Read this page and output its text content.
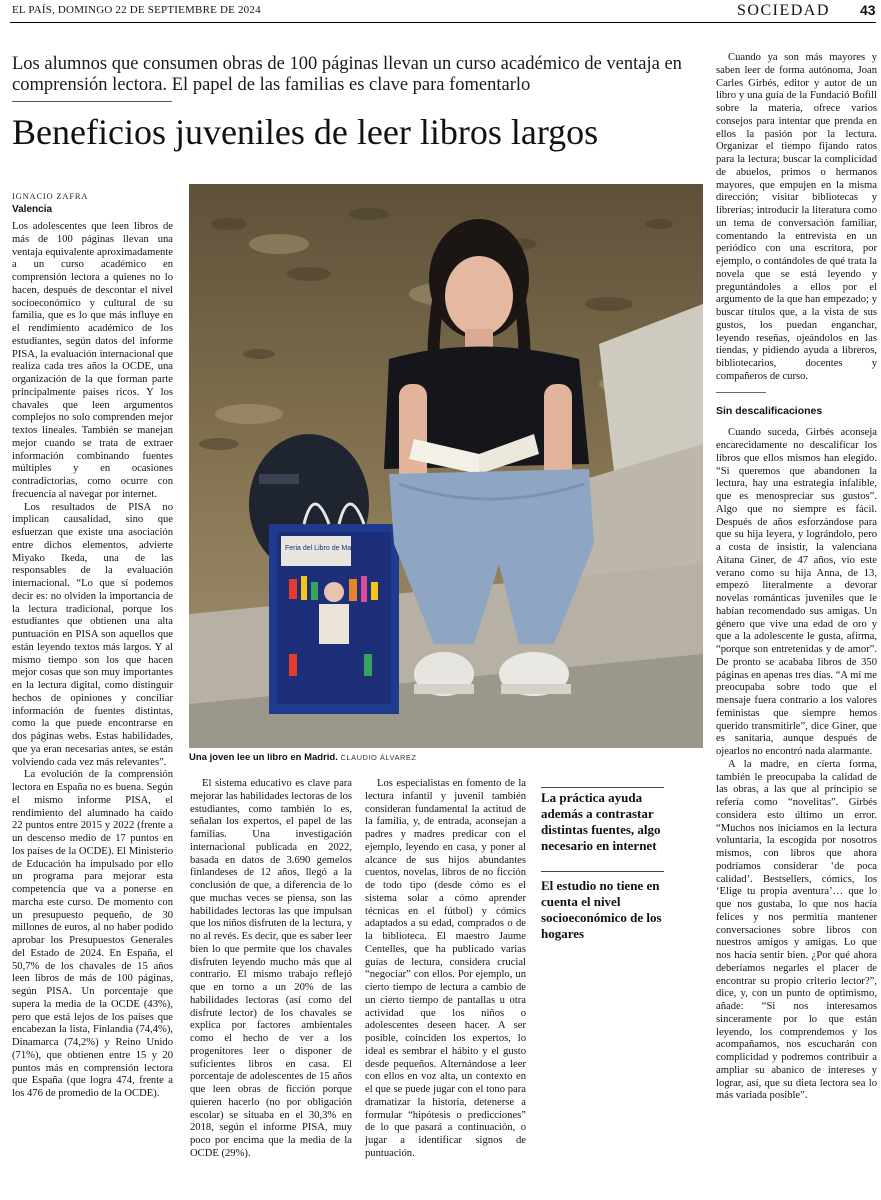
EL PAÍS, DOMINGO 22 DE SEPTIEMBRE DE 2024	SOCIEDAD 43
Los alumnos que consumen obras de 100 páginas llevan un curso académico de ventaja en comprensión lectora. El papel de las familias es clave para fomentarlo
Beneficios juveniles de leer libros largos
IGNACIO ZAFRA
Valencia

Los adolescentes que leen libros de más de 100 páginas llevan una ventaja equivalente aproximadamente a un curso académico en comprensión lectora a quienes no lo hacen, después de descontar el nivel socioeconómico y cultural de su familia, que es lo que más influye en el rendimiento académico de los estudiantes, según datos del informe PISA, la evaluación internacional que realiza cada tres años la OCDE, una organización de la que forman parte principalmente países ricos. Y los chavales que leen argumentos complejos no solo comprenden mejor textos lineales. También se manejan mejor cuando se trata de extraer información combinando fuentes múltiples y en ocasiones contradictorias, como ocurre con frecuencia al navegar por internet.

Los resultados de PISA no implican causalidad, sino que esfuerzan que existe una asociación entre dichos elementos, advierte Miyako Ikeda, una de las responsables de la evaluación internacional. “Lo que sí podemos decir es: no olviden la importancia de la lectura tradicional, porque los estudiantes que obtienen una alta puntuación en PISA son aquellos que están leyendo textos más largos. Y al mismo tiempo son los que hacen mejor cosas que son muy importantes en la lectura digital, como distinguir hechos de opiniones y conciliar información de fuentes distintas, como la que puede encontrarse en dos páginas webs. Estas habilidades, que ya eran necesarias antes, se están volviendo cada vez más relevantes”.

La evolución de la comprensión lectora en España no es buena. Según el mismo informe PISA, el rendimiento del alumnado ha caído 22 puntos entre 2015 y 2022 (frente a un descenso medio de 17 puntos en los países de la OCDE). El Ministerio de Educación ha impulsado por ello un programa para mejorar esta competencia que va a ponerse en marcha este curso. De momento con un presupuesto pequeño, de 30 millones de euros, al no haber podido aprobar los Presupuestos Generales del Estado de 2024. En España, el 50,7% de los chavales de 15 años leen libros de más de 100 páginas, según PISA. Un porcentaje que supera la media de la OCDE (43%), pero que está lejos de los países que encabezan la lista, Finlandia (74,4%), Dinamarca (74,2%) y Reino Unido (71%), que obtienen entre 15 y 20 puntos más en comprensión lectora que España (que logra 474, frente a los 476 de promedio de la OCDE).

Feria del Libro de Madrid
Una joven lee un libro en Madrid. CLAUDIO ÁLVAREZ

El sistema educativo es clave para mejorar las habilidades lectoras de los estudiantes, como también lo es, señalan los expertos, el papel de las familias. Una investigación internacional publicada en 2022, basada en datos de 3.690 gemelos finlandeses de 12 años, llegó a la conclusión de que, a diferencia de lo que muchas veces se piensa, son las habilidades lectoras las que impulsan que los niños disfruten de la lectura, y no al revés. Es decir, que es saber leer bien lo que permite que los chavales disfruten leyendo mucho más que al contrario. El mismo trabajo reflejó que en torno a un 20% de las habilidades lectoras (así como del disfrute lector) de los chavales se explica por factores ambientales como el hecho de ver a los progenitores leer o disponer de suficientes libros en casa. El porcentaje de adolescentes de 15 años que leen obras de ficción porque quieren hacerlo (no por obligación escolar) se situaba en el 30,3% en 2018, según el informe PISA, muy poco por encima que la media de la OCDE (29%).

Los especialistas en fomento de la lectura infantil y juvenil también consideran fundamental la actitud de la familia, y, de entrada, aconsejan a padres y madres predicar con el ejemplo, leyendo en casa, y poner al alcance de sus hijos abundantes cuentos, novelas, libros de no ficción de todo tipo (desde cómo es el sistema solar a cómo aprender técnicas en el fútbol) y cómics adaptados a su edad, comprados o de la biblioteca. El maestro Jaume Centelles, que ha publicado varias guías de lectura, considera crucial “negociar” con ellos. Por ejemplo, un cierto tiempo de lectura a cambio de un cierto tiempo de pantallas u otra actividad que los niños o adolescentes deseen hacer. A ser posible, coinciden los expertos, lo ideal es sembrar el hábito y el gusto desde pequeños. Alternándose a leer con ellos en voz alta, un contexto en el que se puede jugar con el tono para dramatizar la historia, detenerse a formular “hipótesis o predicciones” de lo que pasará a continuación, o jugar a identificar signos de puntuación.

La práctica ayuda además a contrastar distintas fuentes, algo necesario en internet
El estudio no tiene en cuenta el nivel socioeconómico de los hogares

Cuando ya son más mayores y saben leer de forma autónoma, Joan Carles Girbés, editor y autor de un libro y una guía de la Fundació Bofill sobre la materia, ofrece varios consejos para intentar que prenda en ellos la pasión por la lectura. Organizar el tiempo fijando ratos para la lectura; buscar la complicidad de abuelos, primos o hermanos mayores, que empujen en la misma dirección; visitar bibliotecas y librerías; introducir la literatura como un tema de conversación familiar, comentando la entrevista en un periódico con una escritora, por ejemplo, o contándoles de qué trata la novela que se está leyendo y preguntándoles a ellos por el argumento de la que han empezado; y buscar títulos que, a la vista de sus gustos, los puedan enganchar, leyendo reseñas, ojeándolos en las tiendas, y pidiendo ayuda a libreros, bibliotecarios, docentes y compañeros de curso.

Sin descalificaciones

Cuando suceda, Girbés aconseja encarecidamente no descalificar los libros que ellos mismos han elegido. “Si queremos que abandonen la lectura, hay una estrategia infalible, que es menospreciar sus gustos”. Algo que no siempre es fácil. Después de años esforzándose para que su hija leyera, y lográndolo, pero a costa de insistir, la valenciana Aitana Giner, de 47 años, vio este verano como su hija Anna, de 13, empezó literalmente a devorar novelas románticas juveniles que le habían recomendado sus amigas. Un género que vive una edad de oro y que a la adolescente le gusta, afirma, “porque son entretenidas y de amor”. De pronto se acababa libros de 350 páginas en apenas tres días. “A mí me preocupaba sobre todo que el mensaje fuera contrario a los valores feministas que siempre hemos querido transmitirle”, dice Giner, que es sanitaria, aunque después de ojearlos no encontró nada alarmante.

A la madre, en cierta forma, también le preocupaba la calidad de las obras, a las que al principio se refería como “novelitas”. Girbés considera esto último un error. “Muchos nos iniciamos en la lectura voluntaria, la escogida por nosotros mismos, con libros que ahora podríamos considerar ‘de poca calidad’. Bestsellers, cómics, los ‘Elige tu propia aventura’… que lo que nos gustaba, lo que nos hacía felices y nos permitía mantener conversaciones sobre libros con nuestros amigos y amigas. Lo que nos hacía sentir bien. ¿Por qué ahora deberíamos negarles el placer de encontrar su propio criterio lector?”, dice, y, con un punto de optimismo, añade: “Si nos interesamos sinceramente por lo que están leyendo, los comprendemos y los acompañamos, nos escucharán con complicidad y podremos contribuir a ampliar su abanico de intereses y lograr, así, que su dieta lectora sea lo más variada posible”.
